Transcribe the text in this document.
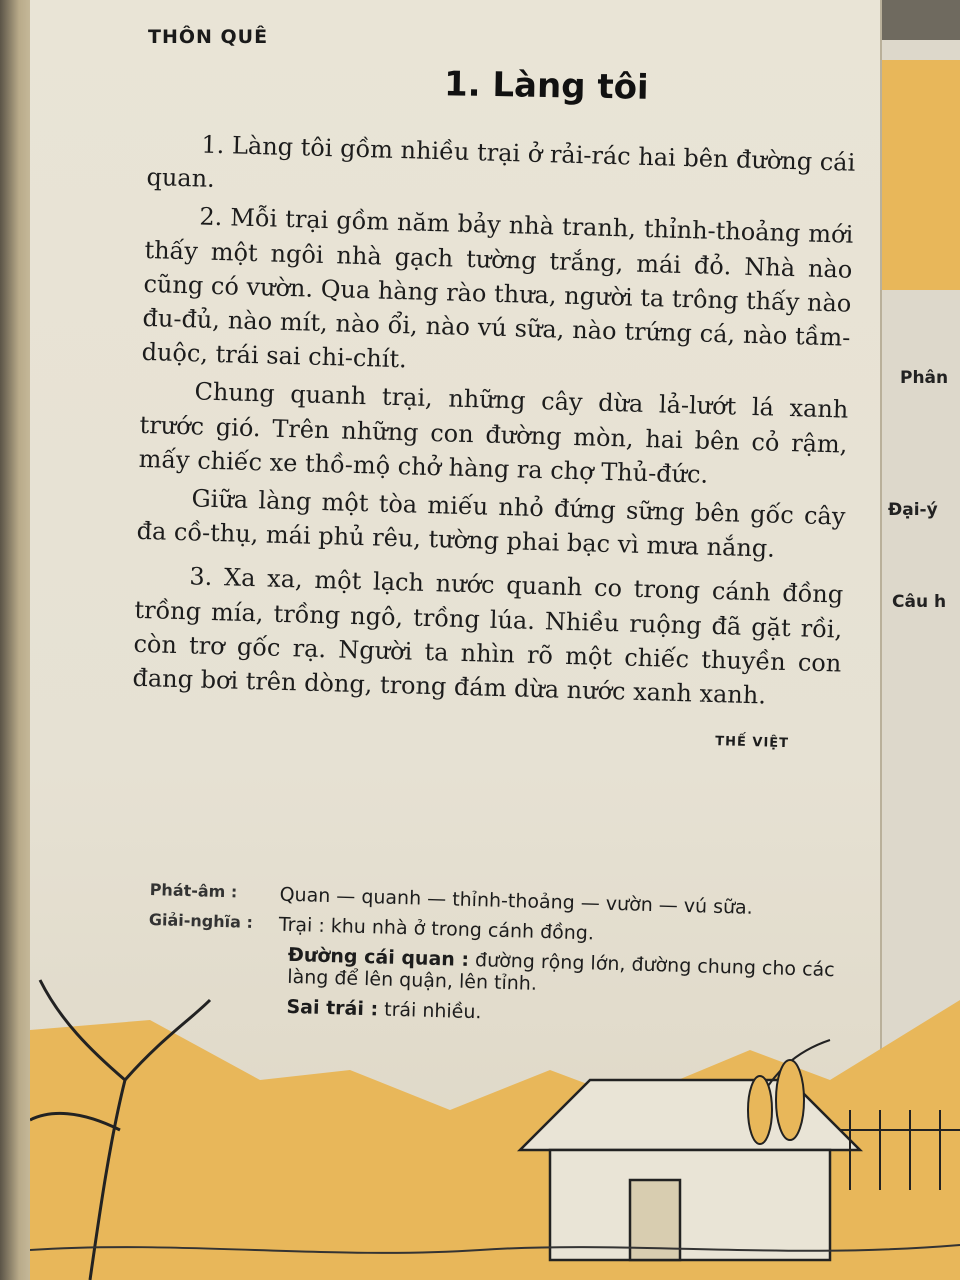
Phân
Đại-ý
Câu h
THÔN QUÊ
1. Làng tôi

1. Làng tôi gồm nhiều trại ở rải-rác hai bên đường cái quan.

2. Mỗi trại gồm năm bảy nhà tranh, thỉnh-thoảng mới thấy một ngôi nhà gạch tường trắng, mái đỏ. Nhà nào cũng có vườn. Qua hàng rào thưa, người ta trông thấy nào đu-đủ, nào mít, nào ổi, nào vú sữa, nào trứng cá, nào tầm-duộc, trái sai chi-chít.

Chung quanh trại, những cây dừa lả-lướt lá xanh trước gió. Trên những con đường mòn, hai bên cỏ rậm, mấy chiếc xe thồ-mộ chở hàng ra chợ Thủ-đức.

Giữa làng một tòa miếu nhỏ đứng sững bên gốc cây đa cồ-thụ, mái phủ rêu, tường phai bạc vì mưa nắng.

3. Xa xa, một lạch nước quanh co trong cánh đồng trồng mía, trồng ngô, trồng lúa. Nhiều ruộng đã gặt rồi, còn trơ gốc rạ. Người ta nhìn rõ một chiếc thuyền con đang bơi trên dòng, trong đám dừa nước xanh xanh.

THẾ VIỆT
Phát-âm :	Quan — quanh — thỉnh-thoảng — vườn — vú sữa.
Giải-nghĩa :	Trại : khu nhà ở trong cánh đồng.
Đường cái quan : đường rộng lớn, đường chung cho các làng để lên quận, lên tỉnh.
Sai trái : trái nhiều.
